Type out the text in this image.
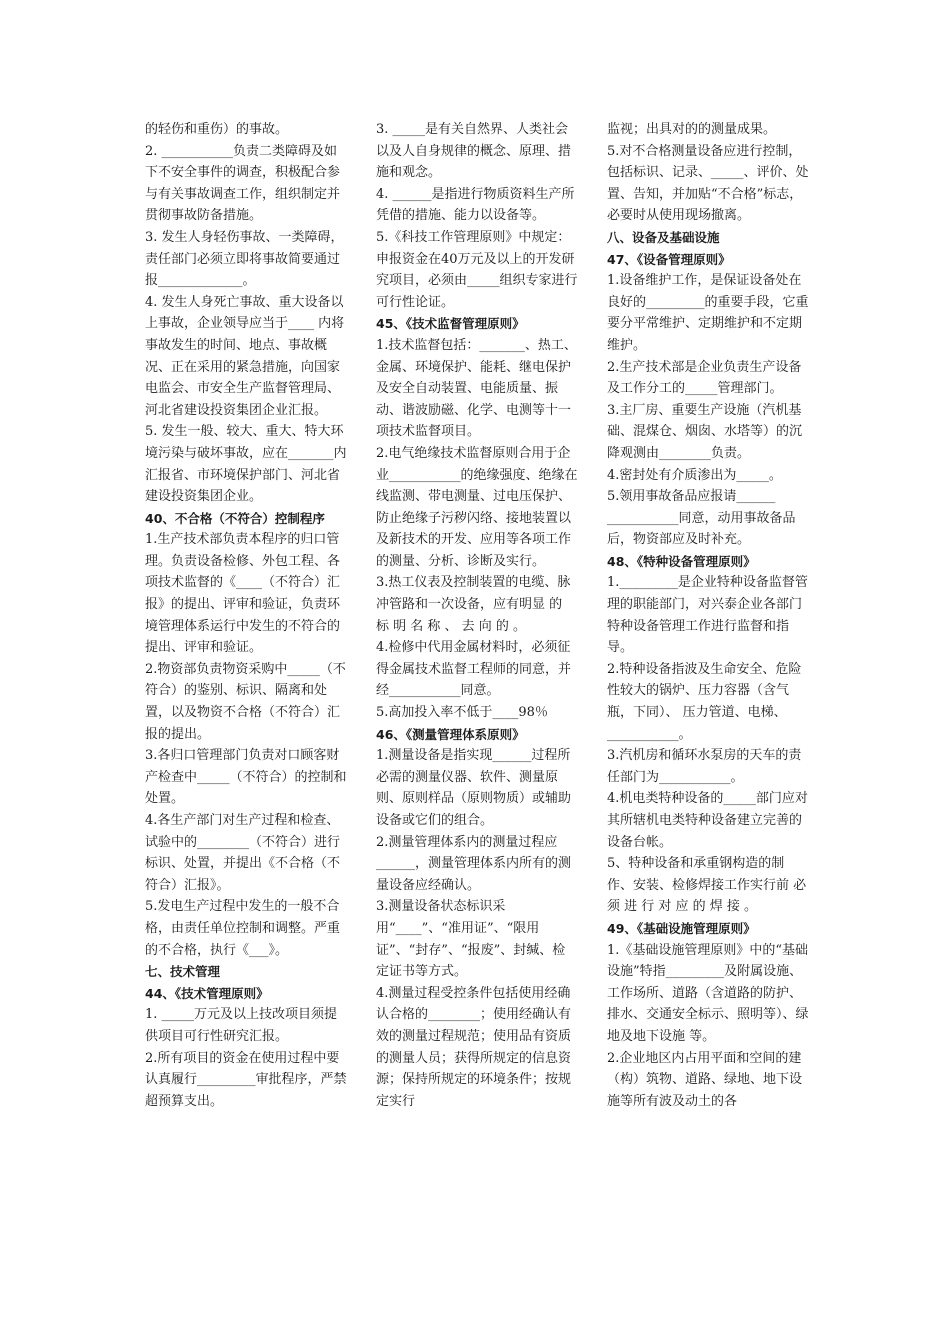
的轻伤和重伤）的事故。

2. ___________负责二类障碍及如下不安全事件的调查，积极配合参与有关事故调查工作，组织制定并贯彻事故防备措施。

3. 发生人身轻伤事故、一类障碍，责任部门必须立即将事故简要通过报_____________。

4. 发生人身死亡事故、重大设备以上事故，企业领导应当于____ 内将事故发生的时间、地点、事故概况、正在采用的紧急措施，向国家电监会、市安全生产监督管理局、河北省建设投资集团企业汇报。

5. 发生一般、较大、重大、特大环境污染与破坏事故，应在_______内汇报省、市环境保护部门、河北省建设投资集团企业。

40、不合格（不符合）控制程序

1.生产技术部负责本程序的归口管理。负责设备检修、外包工程、各项技术监督的《____（不符合）汇报》的提出、评审和验证，负责环境管理体系运行中发生的不符合的提出、评审和验证。

2.物资部负责物资采购中_____（不符合）的鉴别、标识、隔离和处置，以及物资不合格（不符合）汇报的提出。

3.各归口管理部门负责对口顾客财产检查中_____（不符合）的控制和处置。

4.各生产部门对生产过程和检查、试验中的________（不符合）进行标识、处置，并提出《不合格（不符合）汇报》。

5.发电生产过程中发生的一般不合格，由责任单位控制和调整。严重的不合格，执行《___》。

七、技术管理

44、《技术管理原则》

1. _____万元及以上技改项目须提供项目可行性研究汇报。

2.所有项目的资金在使用过程中要认真履行_________审批程序，严禁超预算支出。

3. _____是有关自然界、人类社会以及人自身规律的概念、原理、措施和观念。

4. ______是指进行物质资料生产所凭借的措施、能力以设备等。

5.《科技工作管理原则》中规定：申报资金在40万元及以上的开发研究项目，必须由_____组织专家进行可行性论证。

45、《技术监督管理原则》

1.技术监督包括：_______、热工、金属、环境保护、能耗、继电保护及安全自动装置、电能质量、振动、谐波励磁、化学、电测等十一项技术监督项目。

2.电气绝缘技术监督原则合用于企业___________的绝缘强度、绝缘在线监测、带电测量、过电压保护、防止绝缘子污秽闪络、接地装置以及新技术的开发、应用等各项工作的测量、分析、诊断及实行。

3.热工仪表及控制装置的电缆、脉冲管路和一次设备，应有明显 的 标 明 名 称 、 去 向 的 。

4.检修中代用金属材料时，必须征得金属技术监督工程师的同意，并经___________同意。

5.高加投入率不低于____98％

46、《测量管理体系原则》

1.测量设备是指实现______过程所必需的测量仪器、软件、测量原则、原则样品（原则物质）或辅助设备或它们的组合。

2.测量管理体系内的测量过程应______，测量管理体系内所有的测量设备应经确认。

3.测量设备状态标识采用“____”、“准用证”、“限用证”、“封存”、“报废”、封缄、检定证书等方式。

4.测量过程受控条件包括使用经确认合格的________；使用经确认有效的测量过程规范；使用品有资质的测量人员；获得所规定的信息资源；保持所规定的环境条件；按规定实行

监视；出具对的的测量成果。

5.对不合格测量设备应进行控制，包括标识、记录、_____、评价、处置、告知，并加贴“不合格”标志，必要时从使用现场撤离。

八、设备及基础设施

47、《设备管理原则》

1.设备维护工作，是保证设备处在良好的_________的重要手段，它重要分平常维护、定期维护和不定期维护。

2.生产技术部是企业负责生产设备及工作分工的_____管理部门。

3.主厂房、重要生产设施（汽机基础、混煤仓、烟囱、水塔等）的沉降观测由________负责。

4.密封处有介质渗出为_____。

5.领用事故备品应报请______ ___________同意，动用事故备品后，物资部应及时补充。

48、《特种设备管理原则》

1._________是企业特种设备监督管理的职能部门，对兴泰企业各部门特种设备管理工作进行监督和指导。

2.特种设备指波及生命安全、危险性较大的锅炉、压力容器（含气瓶，下同）、 压力管道、电梯、___________。

3.汽机房和循环水泵房的天车的责任部门为___________。

4.机电类特种设备的_____部门应对其所辖机电类特种设备建立完善的设备台帐。

5、特种设备和承重钢构造的制作、安装、检修焊接工作实行前 必 须 进 行 对 应 的 焊 接 。

49、《基础设施管理原则》

1.《基础设施管理原则》中的“基础设施”特指_________及附属设施、工作场所、道路（含道路的防护、排水、交通安全标示、照明等）、绿地及地下设施 等。

2.企业地区内占用平面和空间的建（构）筑物、道路、绿地、地下设施等所有波及动土的各
